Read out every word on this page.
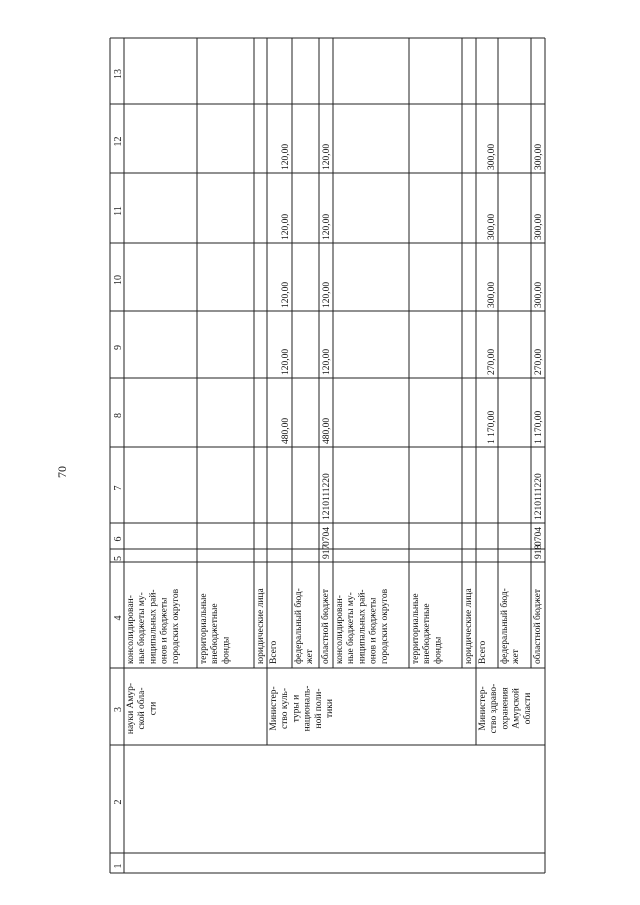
70
1
2
3
4
5
6
7
8
9
10
11
12
13
науки Амур-ской обла-сти
консолидирован-ные бюджеты му-ниципальных рай-онов и бюджетыгородских округов территориальныевнебюджетныефонды	юридические лица
Министер-ство куль-туры инациональ-ной поли-тики
Всего
480,00
120,00
120,00
120,00
120,00
федеральный бюд-жет областной бюджет
917
0704
1210111220
480,00
120,00
120,00
120,00
120,00
консолидирован-ные бюджеты му-ниципальных рай-онов и бюджетыгородских округов территориальныевнебюджетныефонды юридические лица
Министер-ство здраво-охраненияАмурскойобласти
Всего
1 170,00
270,00
300,00
300,00
300,00
федеральный бюд-жет областной бюджет
918
0704
1210111220
1 170,00
270,00
300,00
300,00
300,00
